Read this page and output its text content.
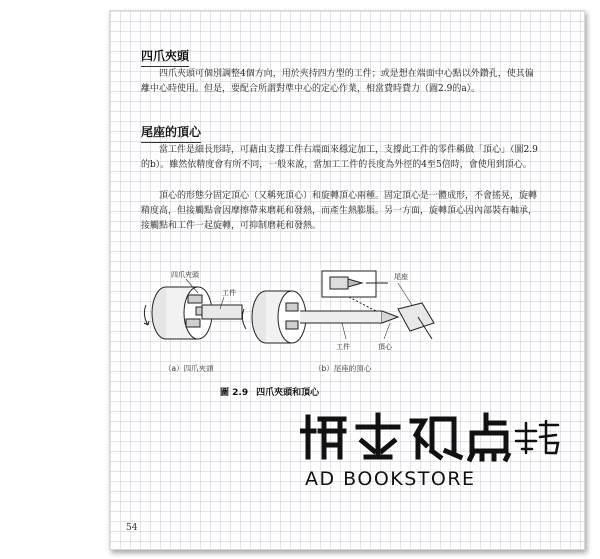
四爪夾頭

四爪夾頭可個別調整4個方向，用於夾持四方型的工件；或是想在端面中心點以外鑽孔，使其偏離中心時使用。但是，要配合所謂對準中心的定心作業，相當費時費力（圖2.9的a）。

尾座的頂心

當工件是細長形時，可藉由支撐工件右端面來穩定加工，支撐此工件的零件稱做「頂心」（圖2.9的b）。雖然依精度會有所不同，一般來說，當加工工件的長度為外徑的4至5倍時，會使用到頂心。

頂心的形態分固定頂心（又稱死頂心）和旋轉頂心兩種。固定頂心是一體成形，不會搖晃，旋轉精度高，但接觸點會因摩擦帶來磨耗和發熱，而產生熱膨脹。另一方面，旋轉頂心因內部裝有軸承，接觸點和工件一起旋轉，可抑制磨耗和發熱。

四爪夾頭
工件
尾座
工件	頂心
（a）四爪夾頭	（b）尾座的頂心
圖 2.9 四爪夾頭和頂心
54
AD BOOKSTORE
